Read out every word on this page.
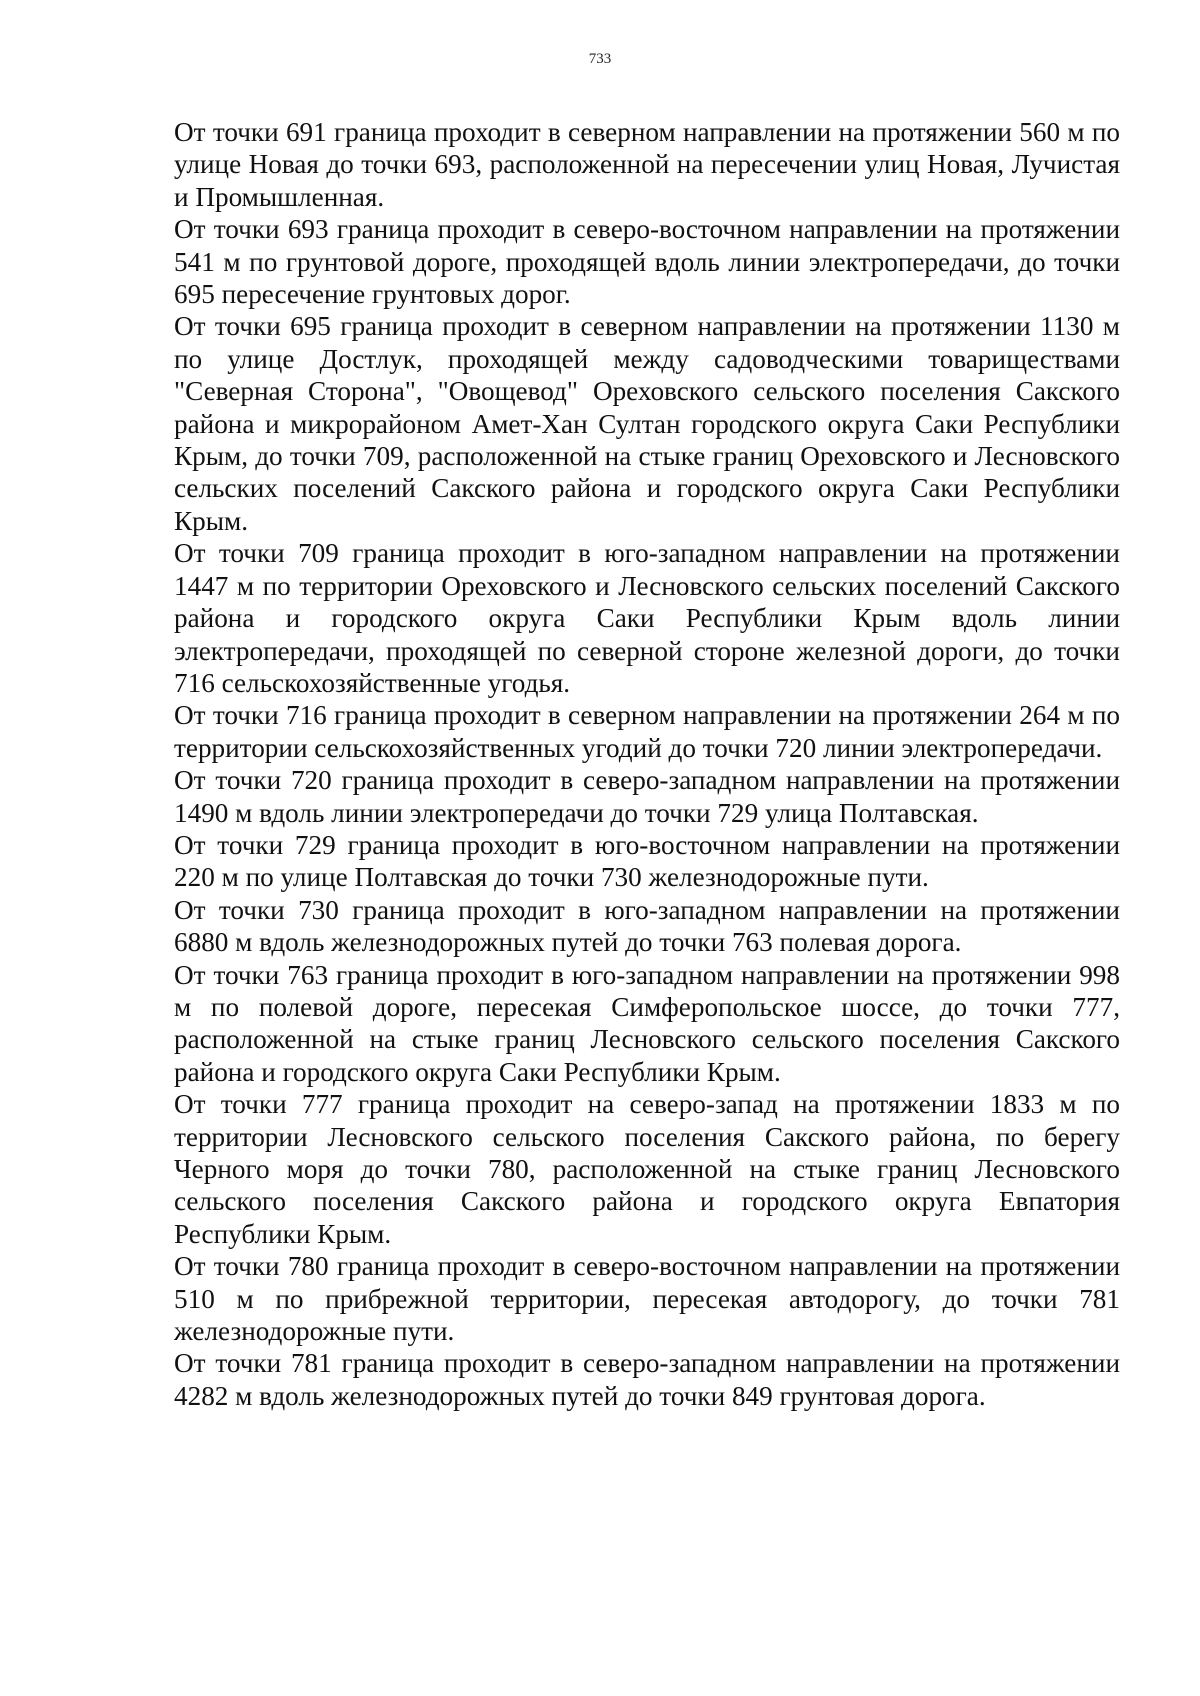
733

От точки 691 граница проходит в северном направлении на протяжении 560 м по улице Новая до точки 693, расположенной на пересечении улиц Новая, Лучистая и Промышленная.

От точки 693 граница проходит в северо-восточном направлении на протяжении 541 м по грунтовой дороге, проходящей вдоль линии электропередачи, до точки 695 пересечение грунтовых дорог.

От точки 695 граница проходит в северном направлении на протяжении 1130 м по улице Достлук, проходящей между садоводческими товариществами "Северная Сторона", "Овощевод" Ореховского сельского поселения Сакского района и микрорайоном Амет-Хан Султан городского округа Саки Республики Крым, до точки 709, расположенной на стыке границ Ореховского и Лесновского сельских поселений Сакского района и городского округа Саки Республики Крым.

От точки 709 граница проходит в юго-западном направлении на протяжении 1447 м по территории Ореховского и Лесновского сельских поселений Сакского района и городского округа Саки Республики Крым вдоль линии электропередачи, проходящей по северной стороне железной дороги, до точки 716 сельскохозяйственные угодья.

От точки 716 граница проходит в северном направлении на протяжении 264 м по территории сельскохозяйственных угодий до точки 720 линии электропередачи.

От точки 720 граница проходит в северо-западном направлении на протяжении 1490 м вдоль линии электропередачи до точки 729 улица Полтавская.

От точки 729 граница проходит в юго-восточном направлении на протяжении 220 м по улице Полтавская до точки 730 железнодорожные пути.

От точки 730 граница проходит в юго-западном направлении на протяжении 6880 м вдоль железнодорожных путей до точки 763 полевая дорога.

От точки 763 граница проходит в юго-западном направлении на протяжении 998 м по полевой дороге, пересекая Симферопольское шоссе, до точки 777, расположенной на стыке границ Лесновского сельского поселения Сакского района и городского округа Саки Республики Крым.

От точки 777 граница проходит на северо-запад на протяжении 1833 м по территории Лесновского сельского поселения Сакского района, по берегу Черного моря до точки 780, расположенной на стыке границ Лесновского сельского поселения Сакского района и городского округа Евпатория Республики Крым.

От точки 780 граница проходит в северо-восточном направлении на протяжении 510 м по прибрежной территории, пересекая автодорогу, до точки 781 железнодорожные пути.

От точки 781 граница проходит в северо-западном направлении на протяжении 4282 м вдоль железнодорожных путей до точки 849 грунтовая дорога.
